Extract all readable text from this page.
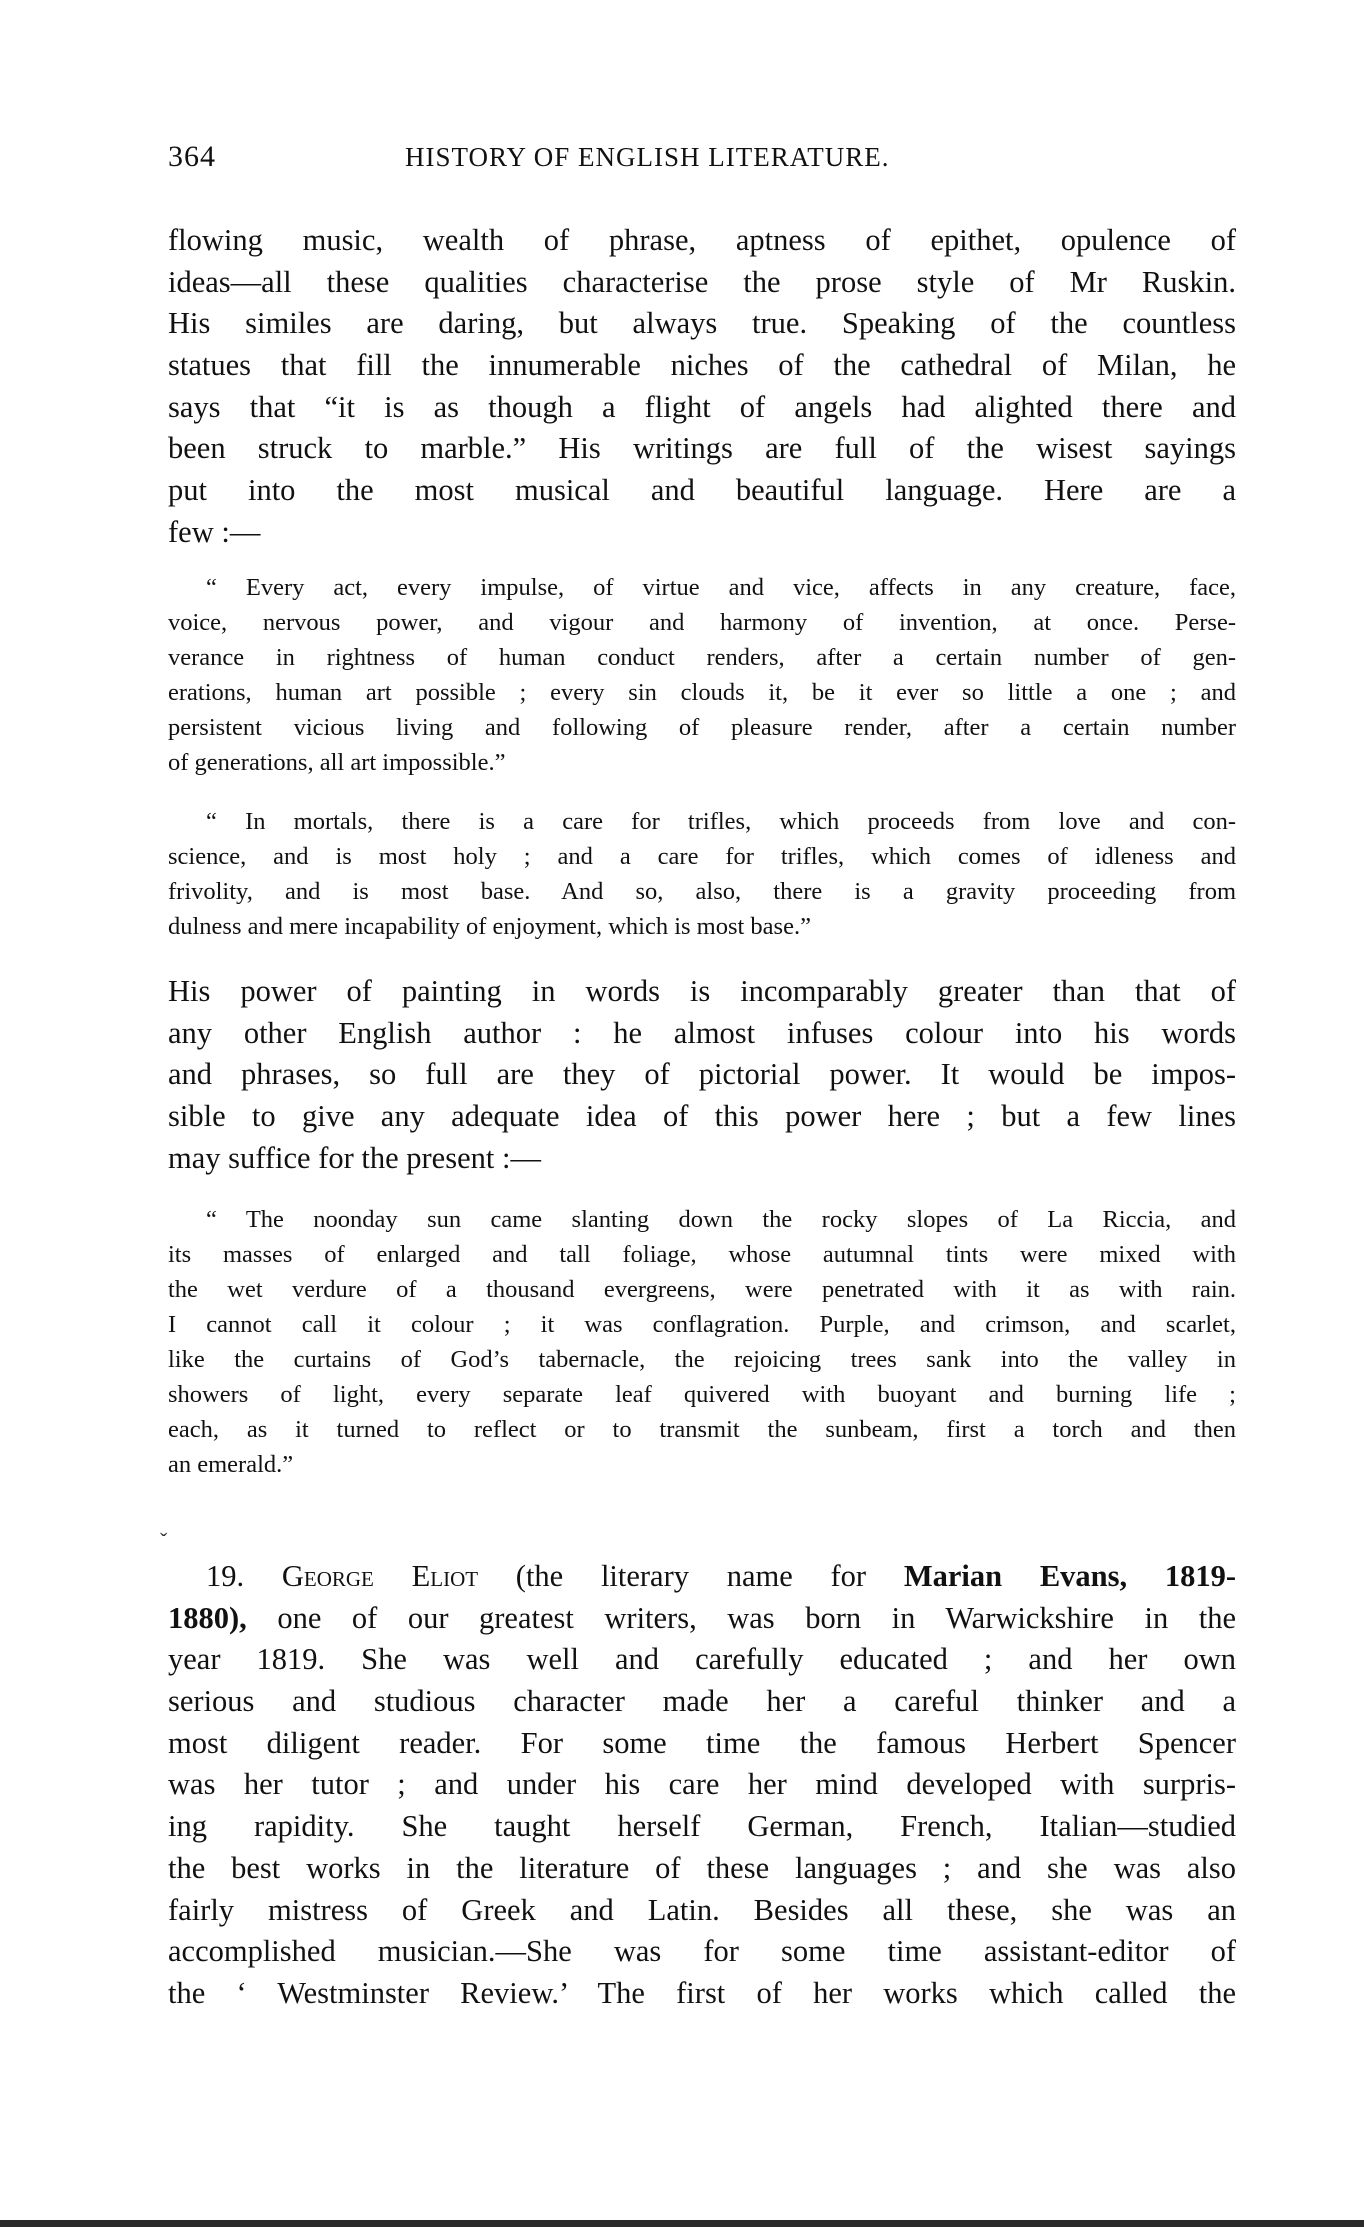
364	HISTORY OF ENGLISH LITERATURE.
flowing music, wealth of phrase, aptness of epithet, opulence of
ideas—all these qualities characterise the prose style of Mr Ruskin.
His similes are daring, but always true. Speaking of the countless
statues that fill the innumerable niches of the cathedral of Milan, he
says that “it is as though a flight of angels had alighted there and
been struck to marble.” His writings are full of the wisest sayings
put into the most musical and beautiful language. Here are a
few :—
“ Every act, every impulse, of virtue and vice, affects in any creature, face,
voice, nervous power, and vigour and harmony of invention, at once. Perse-
verance in rightness of human conduct renders, after a certain number of gen-
erations, human art possible ; every sin clouds it, be it ever so little a one ; and
persistent vicious living and following of pleasure render, after a certain number
of generations, all art impossible.”
“ In mortals, there is a care for trifles, which proceeds from love and con-
science, and is most holy ; and a care for trifles, which comes of idleness and
frivolity, and is most base. And so, also, there is a gravity proceeding from
dulness and mere incapability of enjoyment, which is most base.”
His power of painting in words is incomparably greater than that of
any other English author : he almost infuses colour into his words
and phrases, so full are they of pictorial power. It would be impos-
sible to give any adequate idea of this power here ; but a few lines
may suffice for the present :—
“ The noonday sun came slanting down the rocky slopes of La Riccia, and
its masses of enlarged and tall foliage, whose autumnal tints were mixed with
the wet verdure of a thousand evergreens, were penetrated with it as with rain.
I cannot call it colour ; it was conflagration. Purple, and crimson, and scarlet,
like the curtains of God’s tabernacle, the rejoicing trees sank into the valley in
showers of light, every separate leaf quivered with buoyant and burning life ;
each, as it turned to reflect or to transmit the sunbeam, first a torch and then
an emerald.”
19. George Eliot (the literary name for Marian Evans, 1819-
1880), one of our greatest writers, was born in Warwickshire in the
year 1819. She was well and carefully educated ; and her own
serious and studious character made her a careful thinker and a
most diligent reader. For some time the famous Herbert Spencer
was her tutor ; and under his care her mind developed with surpris-
ing rapidity. She taught herself German, French, Italian—studied
the best works in the literature of these languages ; and she was also
fairly mistress of Greek and Latin. Besides all these, she was an
accomplished musician.—She was for some time assistant-editor of
the ‘ Westminster Review.’ The first of her works which called the
ˇ
